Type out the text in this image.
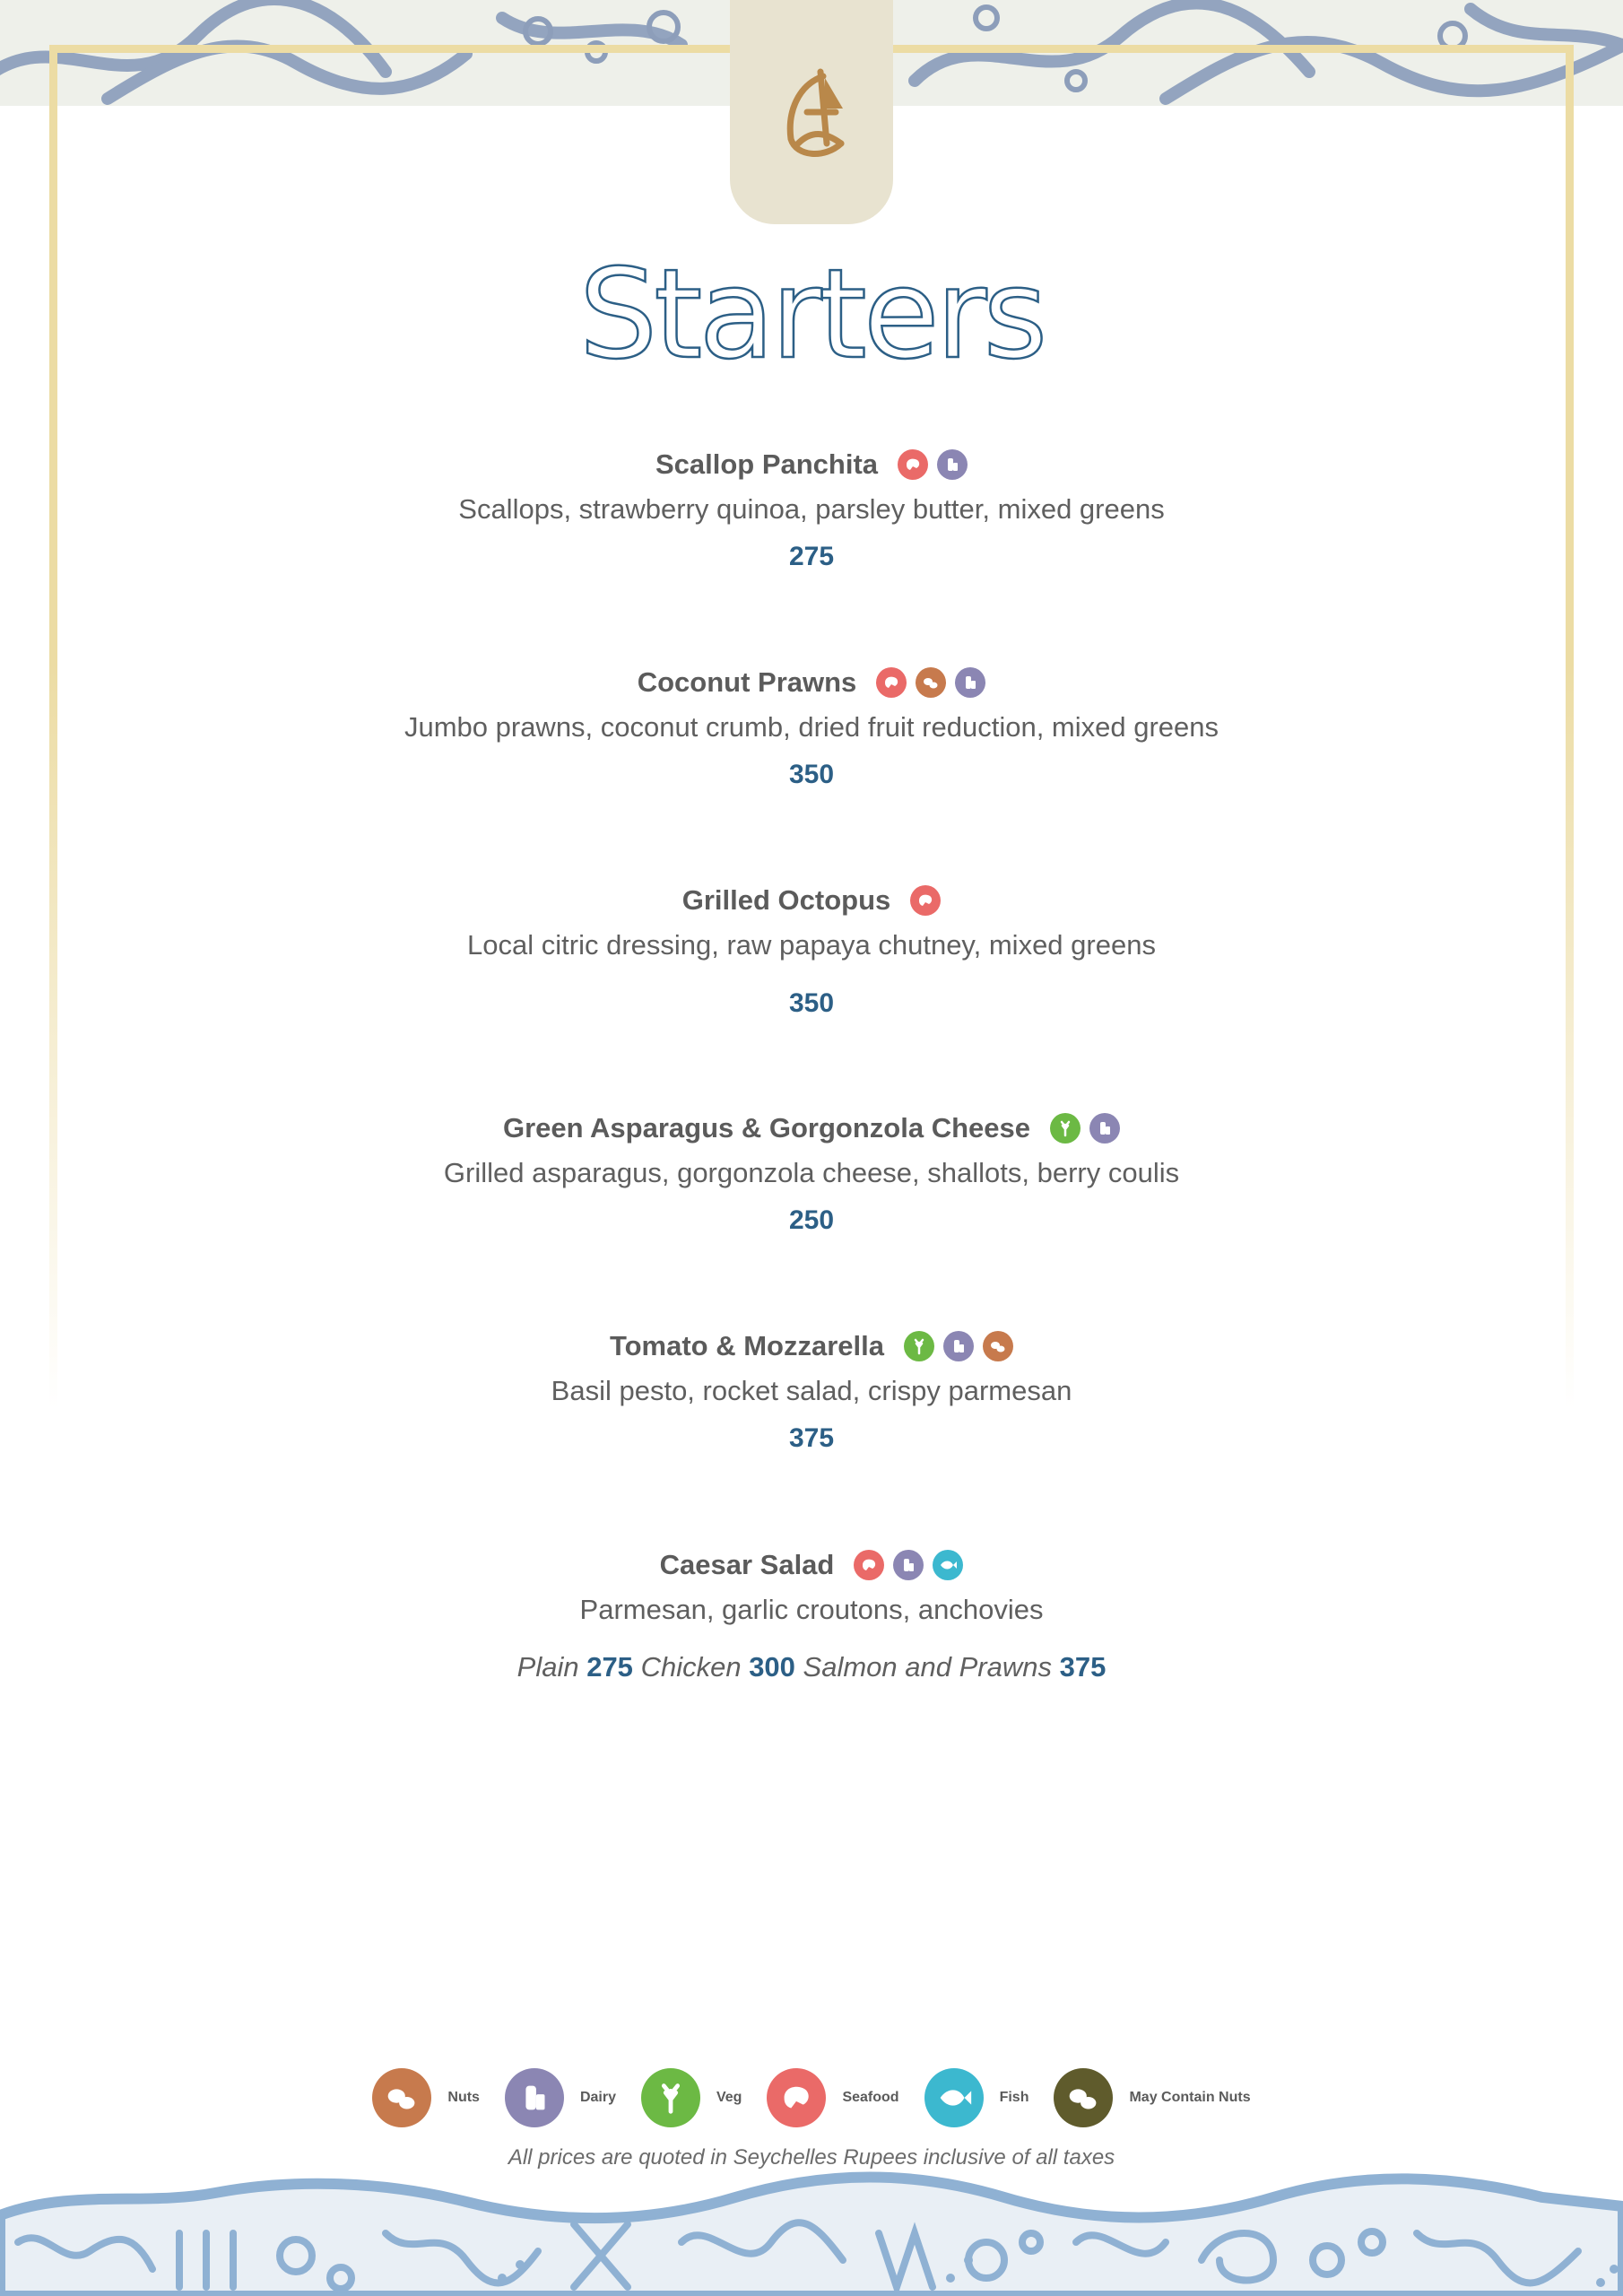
Starters
Scallop Panchita
Scallops, strawberry quinoa, parsley butter, mixed greens
275
Coconut Prawns
Jumbo prawns, coconut crumb, dried fruit reduction, mixed greens
350
Grilled Octopus
Local citric dressing, raw papaya chutney, mixed greens
350
Green Asparagus & Gorgonzola Cheese
Grilled asparagus, gorgonzola cheese, shallots, berry coulis
250
Tomato & Mozzarella
Basil pesto, rocket salad, crispy parmesan
375
Caesar Salad
Parmesan, garlic croutons, anchovies
Plain 275 Chicken 300 Salmon and Prawns 375
Nuts	Dairy	Veg	Seafood	Fish	May Contain Nuts
All prices are quoted in Seychelles Rupees inclusive of all taxes
